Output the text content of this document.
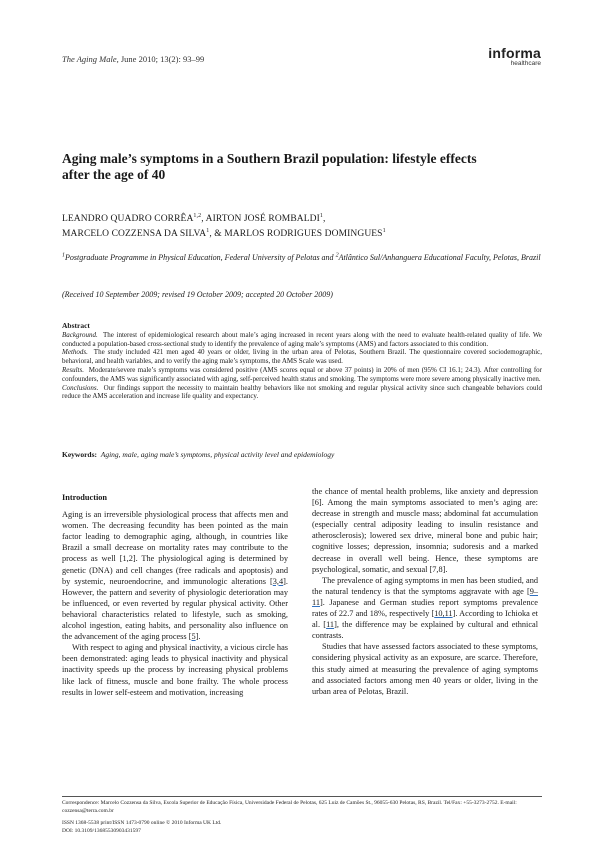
The Aging Male, June 2010; 13(2): 93–99	informa
healthcare
Aging male’s symptoms in a Southern Brazil population: lifestyle effects
after the age of 40
LEANDRO QUADRO CORRÊA$^{1,2}$, AIRTON JOSÉ ROMBALDI$^1$,
MARCELO COZZENSA DA SILVA$^1$, & MARLOS RODRIGUES DOMINGUES$^1$
$^1$Postgraduate Programme in Physical Education, Federal University of Pelotas and $^2$Atlântico Sul/Anhanguera Educational Faculty, Pelotas, Brazil
(Received 10 September 2009; revised 19 October 2009; accepted 20 October 2009)
Abstract
Background. The interest of epidemiological research about male’s aging increased in recent years along with the need to evaluate health-related quality of life. We conducted a population-based cross-sectional study to identify the prevalence of aging male’s symptoms (AMS) and factors associated to this condition.
Methods. The study included 421 men aged 40 years or older, living in the urban area of Pelotas, Southern Brazil. The questionnaire covered sociodemographic, behavioral, and health variables, and to verify the aging male’s symptoms, the AMS Scale was used.
Results. Moderate/severe male’s symptoms was considered positive (AMS scores equal or above 37 points) in 20% of men (95% CI 16.1; 24.3). After controlling for confounders, the AMS was significantly associated with aging, self-perceived health status and smoking. The symptoms were more severe among physically inactive men.
Conclusions. Our findings support the necessity to maintain healthy behaviors like not smoking and regular physical activity since such changeable behaviors could reduce the AMS acceleration and increase life quality and expectancy.
Keywords: Aging, male, aging male’s symptoms, physical activity level and epidemiology
Introduction

Aging is an irreversible physiological process that affects men and women. The decreasing fecundity has been pointed as the main factor leading to demographic aging, although, in countries like Brazil a small decrease on mortality rates may contribute to the process as well [1,2]. The physiological aging is determined by genetic (DNA) and cell changes (free radicals and apoptosis) and by systemic, neuroendocrine, and immunologic alterations [3,4]. However, the pattern and severity of physiologic deterioration may be influenced, or even reverted by regular physical activity. Other behavioral characteristics related to lifestyle, such as smoking, alcohol ingestion, eating habits, and personality also influence on the advancement of the aging process [5].

With respect to aging and physical inactivity, a vicious circle has been demonstrated: aging leads to physical inactivity and physical inactivity speeds up the process by increasing physical problems like lack of fitness, muscle and bone frailty. The whole process results in lower self-esteem and motivation, increasing

the chance of mental health problems, like anxiety and depression [6]. Among the main symptoms associated to men’s aging are: decrease in strength and muscle mass; abdominal fat accumulation (especially central adiposity leading to insulin resistance and atherosclerosis); lowered sex drive, mineral bone and pubic hair; cognitive losses; depression, insomnia; sudoresis and a marked decrease in overall well being. Hence, these symptoms are psychological, somatic, and sexual [7,8].

The prevalence of aging symptoms in men has been studied, and the natural tendency is that the symptoms aggravate with age [9–11]. Japanese and German studies report symptoms prevalence rates of 22.7 and 18%, respectively [10,11]. According to Ichioka et al. [11], the difference may be explained by cultural and ethnical contrasts.

Studies that have assessed factors associated to these symptoms, considering physical activity as an exposure, are scarce. Therefore, this study aimed at measuring the prevalence of aging symptoms and associated factors among men 40 years or older, living in the urban area of Pelotas, Brazil.

Correspondence: Marcelo Cozzensa da Silva, Escola Superior de Educação Física, Universidade Federal de Pelotas, 625 Luiz de Camões St., 96055-630 Pelotas, RS, Brazil. Tel/Fax: +55-3273-2752. E-mail: cozzensa@terra.com.br
ISSN 1368-5538 print/ISSN 1473-0790 online © 2010 Informa UK Ltd.
DOI: 10.3109/13685530903431597
